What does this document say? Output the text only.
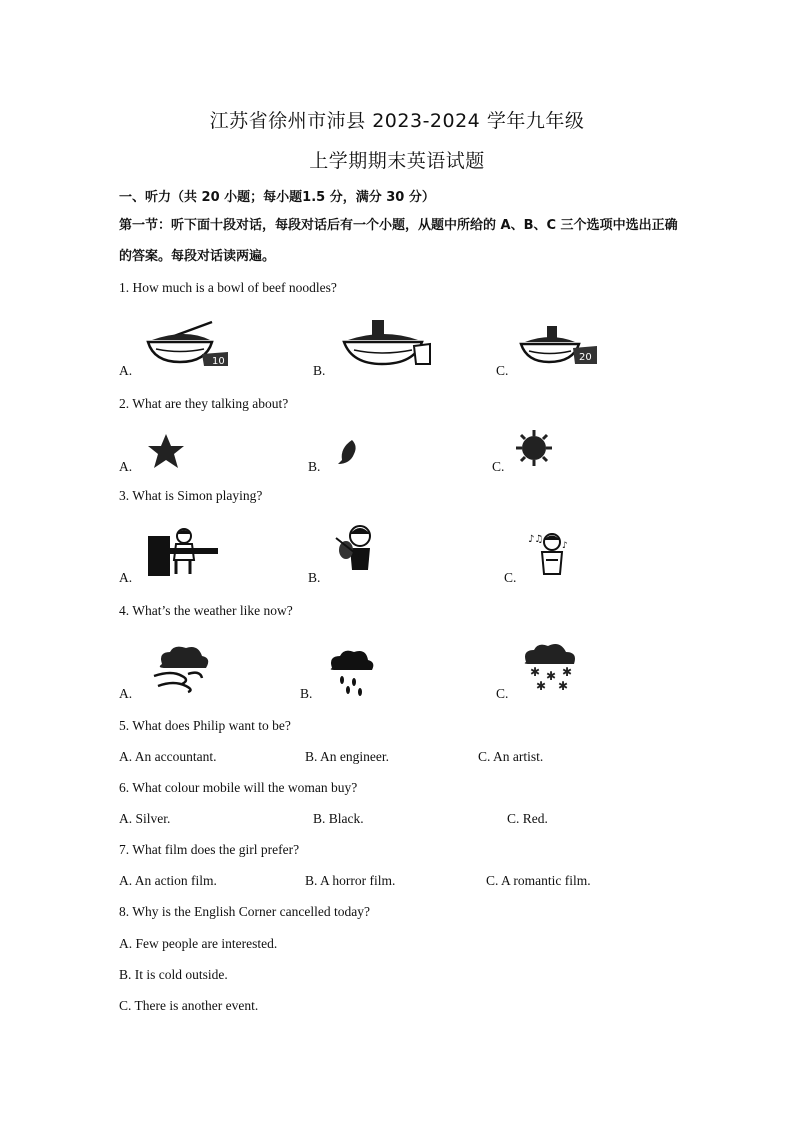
江苏省徐州市沛县 2023-2024 学年九年级
上学期期末英语试题
一、听力（共 20 小题；每小题1.5 分，满分 30 分）
第一节：听下面十段对话，每段对话后有一个小题，从题中所给的 A、B、C 三个选项中选出正确的答案。每段对话读两遍。
1. How much is a bowl of beef noodles?
A.	B.	C.
10	20
2. What are they talking about?
A.	B.	C.
3. What is Simon playing?
A.	B.	C.
♪♫
♪
4. What’s the weather like now?
A.	B.	C.
✱ ✱ ✱
✱ ✱
5. What does Philip want to be?
A. An accountant.	B. An engineer.	C. An artist.
6. What colour mobile will the woman buy?
A. Silver.	B. Black.	C. Red.
7. What film does the girl prefer?
A. An action film.	B. A horror film.	C. A romantic film.
8. Why is the English Corner cancelled today?
A. Few people are interested.
B. It is cold outside.
C. There is another event.
